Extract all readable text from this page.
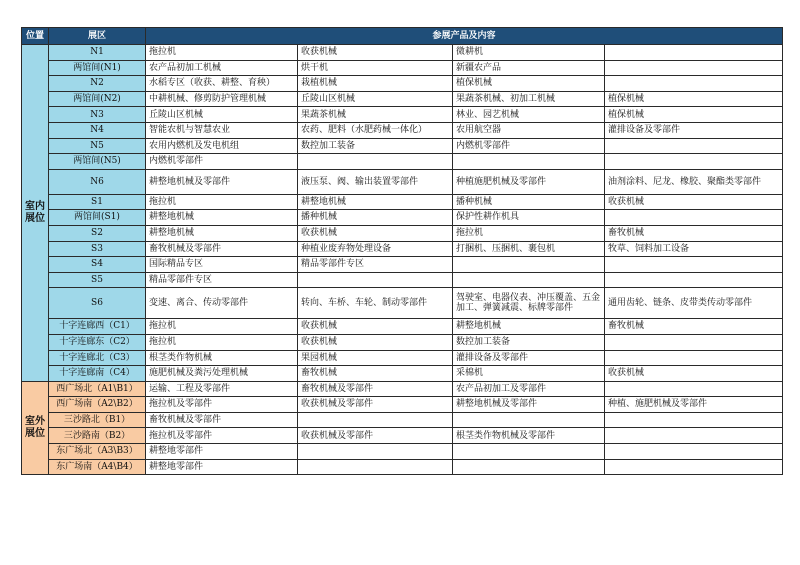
位置	展区	参展产品及内容			
室内
展位	N1	拖拉机	收获机械	微耕机	
	两馆间(N1)	农产品初加工机械	烘干机	新疆农产品	
	N2	水稻专区（收获、耕整、育秧）	栽植机械	植保机械	
	两馆间(N2)	中耕机械、修剪防护管理机械	丘陵山区机械	果蔬茶机械、初加工机械	植保机械
	N3	丘陵山区机械	果蔬茶机械	林业、园艺机械	植保机械
	N4	智能农机与智慧农业	农药、肥料（水肥药械一体化）	农用航空器	灌排设备及零部件
	N5	农用内燃机及发电机组	数控加工装备	内燃机零部件	
	两馆间(N5)	内燃机零部件			
	N6	耕整地机械及零部件	液压泵、阀、输出装置零部件	种植施肥机械及零部件	油剂涂料、尼龙、橡胶、聚酯类零部件
	S1	拖拉机	耕整地机械	播种机械	收获机械
	两馆间(S1)	耕整地机械	播种机械	保护性耕作机具	
	S2	耕整地机械	收获机械	拖拉机	畜牧机械
	S3	畜牧机械及零部件	种植业废弃物处理设备	打捆机、压捆机、裹包机	牧草、饲料加工设备
	S4	国际精品专区	精品零部件专区		
	S5	精品零部件专区			
	S6	变速、离合、传动零部件	转向、车桥、车轮、制动零部件	驾驶室、电器仪表、冲压覆盖、五金加工、弹簧减震、标牌零部件	通用齿轮、链条、皮带类传动零部件
	十字连廊西（C1）	拖拉机	收获机械	耕整地机械	畜牧机械
	十字连廊东（C2）	拖拉机	收获机械	数控加工装备	
	十字连廊北（C3）	根茎类作物机械	果园机械	灌排设备及零部件	
	十字连廊南（C4）	施肥机械及粪污处理机械	畜牧机械	采棉机	收获机械
室外
展位	西广场北（A1\B1）	运输、工程及零部件	畜牧机械及零部件	农产品初加工及零部件	
	西广场南（A2\B2）	拖拉机及零部件	收获机械及零部件	耕整地机械及零部件	种植、施肥机械及零部件
	三沙路北（B1）	畜牧机械及零部件			
	三沙路南（B2）	拖拉机及零部件	收获机械及零部件	根茎类作物机械及零部件	
	东广场北（A3\B3）	耕整地零部件			
	东广场南（A4\B4）	耕整地零部件			
